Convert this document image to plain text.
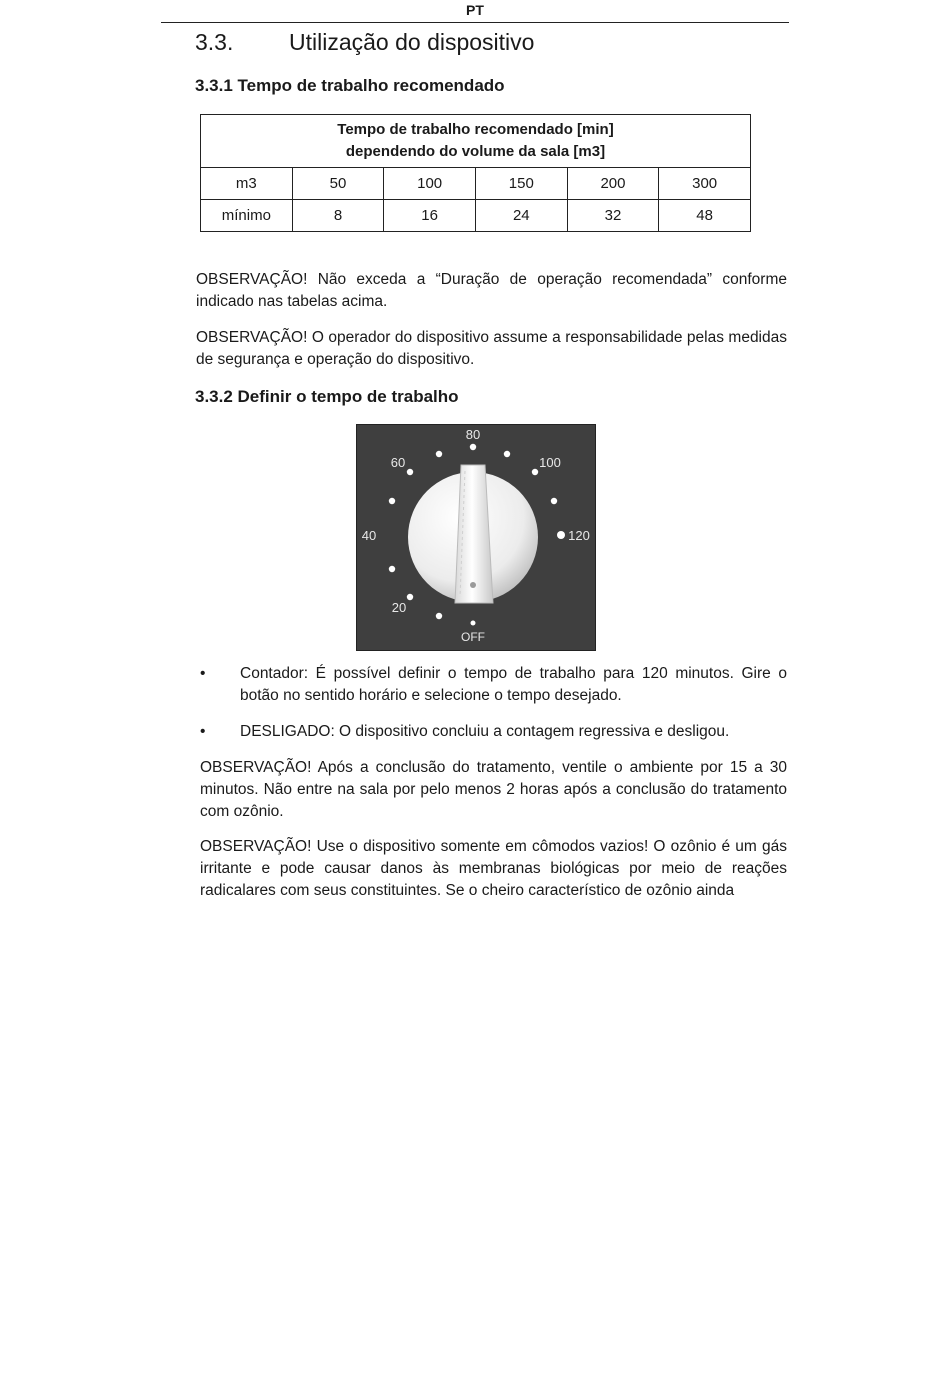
PT
3.3. Utilização do dispositivo
3.3.1 Tempo de trabalho recomendado
Tempo de trabalho recomendado [min]
dependendo do volume da sala [m3]					

m3	50	100	150	200	300
mínimo	8	16	24	32	48
OBSERVAÇÃO! Não exceda a “Duração de operação recomendada” conforme indicado nas tabelas acima.
OBSERVAÇÃO! O operador do dispositivo assume a responsabilidade pelas medidas de segurança e operação do dispositivo.
3.3.2 Definir o tempo de trabalho
80
60	100
40	120
20
OFF
• Contador: É possível definir o tempo de trabalho para 120 minutos. Gire o botão no sentido horário e selecione o tempo desejado.
• DESLIGADO: O dispositivo concluiu a contagem regressiva e desligou.
OBSERVAÇÃO! Após a conclusão do tratamento, ventile o ambiente por 15 a 30 minutos. Não entre na sala por pelo menos 2 horas após a conclusão do tratamento com ozônio.
OBSERVAÇÃO! Use o dispositivo somente em cômodos vazios! O ozônio é um gás irritante e pode causar danos às membranas biológicas por meio de reações radicalares com seus constituintes. Se o cheiro característico de ozônio ainda
